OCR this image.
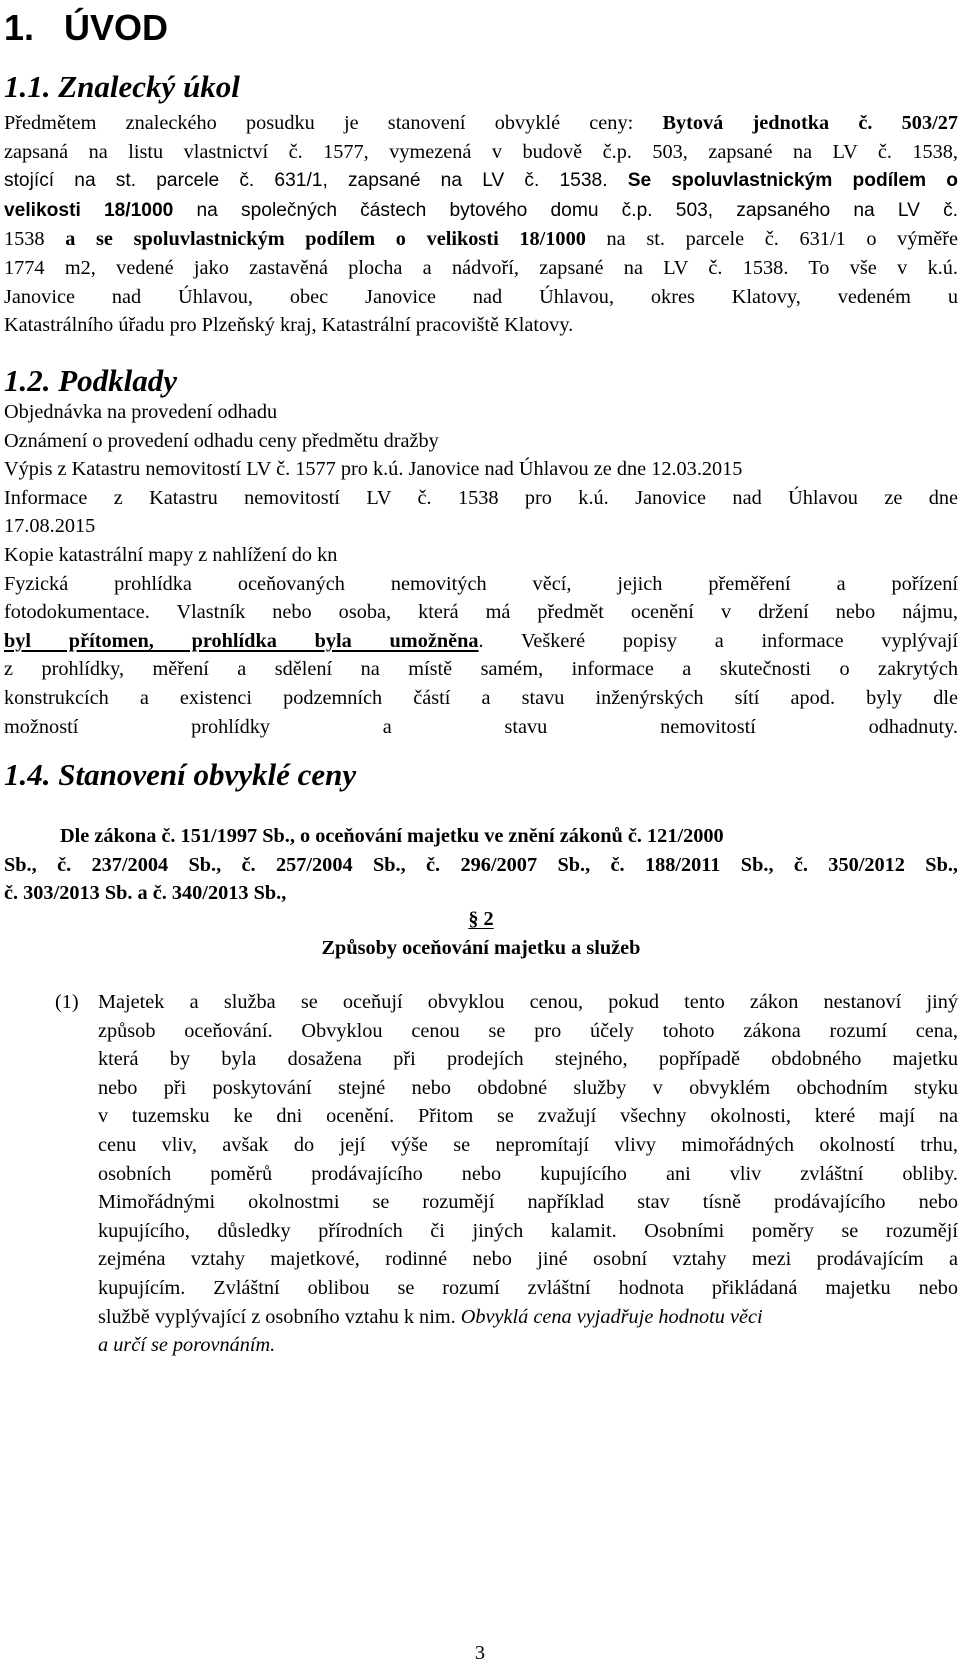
1. ÚVOD
1.1. Znalecký úkol
Předmětem znaleckého posudku je stanovení obvyklé ceny: Bytová jednotka č. 503/27
zapsaná na listu vlastnictví č. 1577, vymezená v budově č.p. 503, zapsané na LV č. 1538,
stojící na st. parcele č. 631/1, zapsané na LV č. 1538. Se spoluvlastnickým podílem o
velikosti 18/1000 na společných částech bytového domu č.p. 503, zapsaného na LV č.
1538 a se spoluvlastnickým podílem o velikosti 18/1000 na st. parcele č. 631/1 o výměře
1774 m2, vedené jako zastavěná plocha a nádvoří, zapsané na LV č. 1538. To vše v k.ú.
Janovice nad Úhlavou, obec Janovice nad Úhlavou, okres Klatovy, vedeném u
Katastrálního úřadu pro Plzeňský kraj, Katastrální pracoviště Klatovy.
1.2. Podklady
Objednávka na provedení odhadu
Oznámení o provedení odhadu ceny předmětu dražby
Výpis z Katastru nemovitostí LV č. 1577 pro k.ú. Janovice nad Úhlavou ze dne 12.03.2015
Informace z Katastru nemovitostí LV č. 1538 pro k.ú. Janovice nad Úhlavou ze dne
17.08.2015
Kopie katastrální mapy z nahlížení do kn
Fyzická prohlídka oceňovaných nemovitých věcí, jejich přeměření a pořízení
fotodokumentace. Vlastník nebo osoba, která má předmět ocenění v držení nebo nájmu,
byl přítomen, prohlídka byla umožněna. Veškeré popisy a informace vyplývají
z prohlídky, měření a sdělení na místě samém, informace a skutečnosti o zakrytých
konstrukcích a existenci podzemních částí a stavu inženýrských sítí apod. byly dle
možností prohlídky a stavu nemovitostí odhadnuty.
1.4. Stanovení obvyklé ceny
Dle zákona č. 151/1997 Sb., o oceňování majetku ve znění zákonů č. 121/2000
Sb., č. 237/2004 Sb., č. 257/2004 Sb., č. 296/2007 Sb., č. 188/2011 Sb., č. 350/2012 Sb.,
č. 303/2013 Sb. a č. 340/2013 Sb.,
§ 2
Způsoby oceňování majetku a služeb
(1) Majetek a služba se oceňují obvyklou cenou, pokud tento zákon nestanoví jiný
způsob oceňování. Obvyklou cenou se pro účely tohoto zákona rozumí cena,
která by byla dosažena při prodejích stejného, popřípadě obdobného majetku
nebo při poskytování stejné nebo obdobné služby v obvyklém obchodním styku
v tuzemsku ke dni ocenění. Přitom se zvažují všechny okolnosti, které mají na
cenu vliv, avšak do její výše se nepromítají vlivy mimořádných okolností trhu,
osobních poměrů prodávajícího nebo kupujícího ani vliv zvláštní obliby.
Mimořádnými okolnostmi se rozumějí například stav tísně prodávajícího nebo
kupujícího, důsledky přírodních či jiných kalamit. Osobními poměry se rozumějí
zejména vztahy majetkové, rodinné nebo jiné osobní vztahy mezi prodávajícím a
kupujícím. Zvláštní oblibou se rozumí zvláštní hodnota přikládaná majetku nebo
službě vyplývající z osobního vztahu k nim. Obvyklá cena vyjadřuje hodnotu věci
a určí se porovnáním.
3
